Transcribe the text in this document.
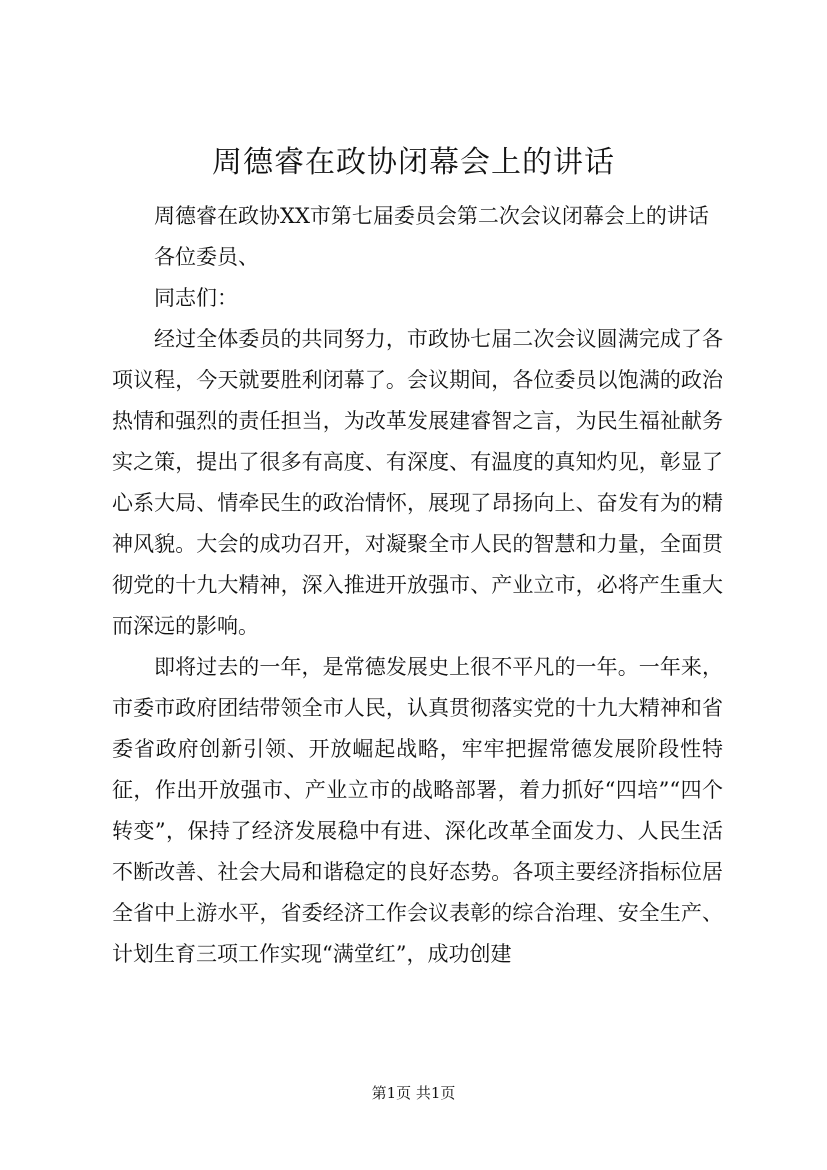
周德睿在政协闭幕会上的讲话

周德睿在政协XX市第七届委员会第二次会议闭幕会上的讲话

各位委员、

同志们：

经过全体委员的共同努力，市政协七届二次会议圆满完成了各项议程，今天就要胜利闭幕了。会议期间，各位委员以饱满的政治热情和强烈的责任担当，为改革发展建睿智之言，为民生福祉献务实之策，提出了很多有高度、有深度、有温度的真知灼见，彰显了心系大局、情牵民生的政治情怀，展现了昂扬向上、奋发有为的精神风貌。大会的成功召开，对凝聚全市人民的智慧和力量，全面贯彻党的十九大精神，深入推进开放强市、产业立市，必将产生重大而深远的影响。

即将过去的一年，是常德发展史上很不平凡的一年。一年来，市委市政府团结带领全市人民，认真贯彻落实党的十九大精神和省委省政府创新引领、开放崛起战略，牢牢把握常德发展阶段性特征，作出开放强市、产业立市的战略部署，着力抓好“四培”“四个转变”，保持了经济发展稳中有进、深化改革全面发力、人民生活不断改善、社会大局和谐稳定的良好态势。各项主要经济指标位居全省中上游水平，省委经济工作会议表彰的综合治理、安全生产、计划生育三项工作实现“满堂红”，成功创建

第1页 共1页
